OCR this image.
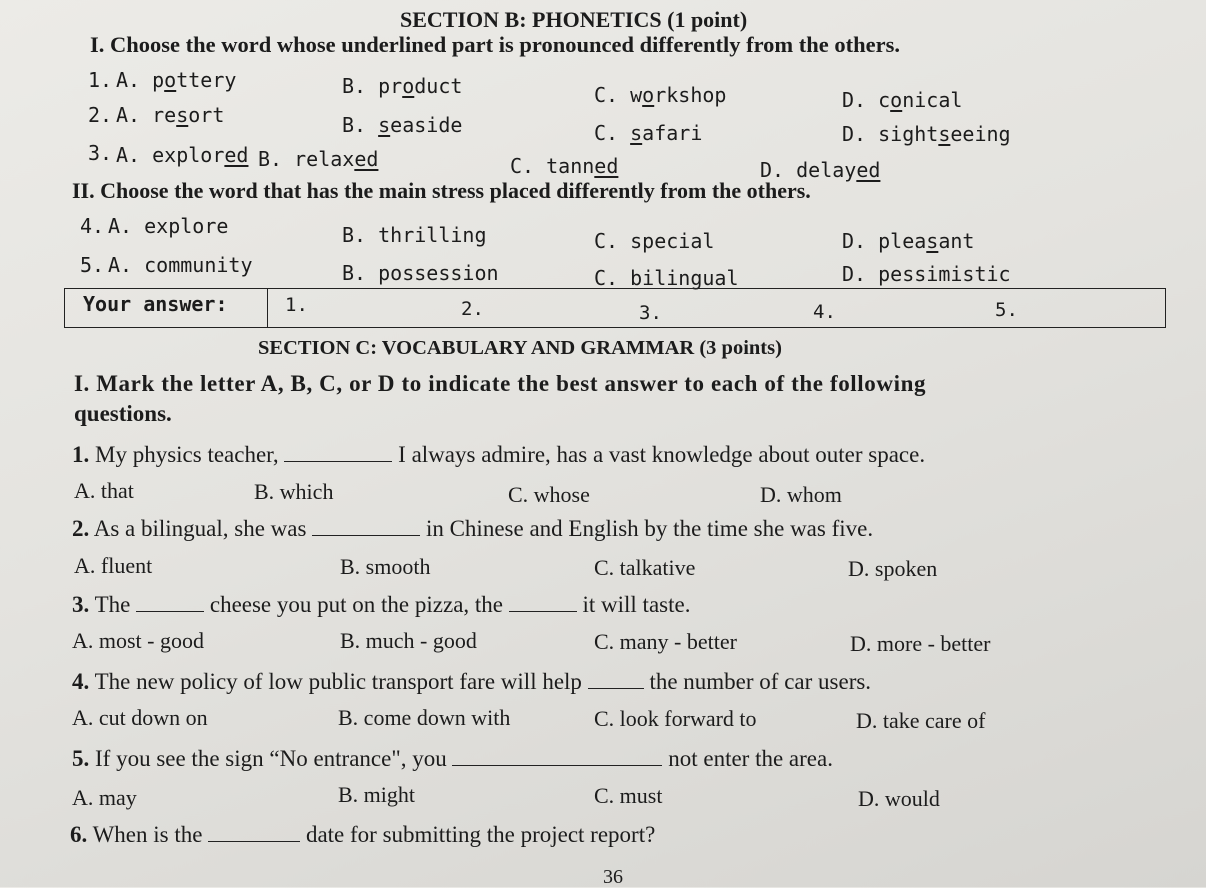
SECTION B: PHONETICS (1 point)
I. Choose the word whose underlined part is pronounced differently from the others.
1. A. pottery	B. product	C. workshop	D. conical
2. A. resort	B. seaside	C. safari	D. sightseeing
3. A. explored B. relaxed	C. tanned	D. delayed
II. Choose the word that has the main stress placed differently from the others.
4. A. explore	B. thrilling	C. special	D. pleasant
5. A. community	B. possession	C. bilingual	D. pessimistic
Your answer:	1.	2.	3.	4.	5.
SECTION C: VOCABULARY AND GRAMMAR (3 points)
I. Mark the letter A, B, C, or D to indicate the best answer to each of the following
questions.
1. My physics teacher,	I always admire, has a vast knowledge about outer space.
A. that	B. which	C. whose	D. whom
2. As a bilingual, she was	in Chinese and English by the time she was five.
A. fluent	B. smooth	C. talkative	D. spoken
3. The	cheese you put on the pizza, the	it will taste.
A. most - good	B. much - good	C. many - better	D. more - better
4. The new policy of low public transport fare will help  the number of car users.
A. cut down on	B. come down with	C. look forward to	D. take care of
5. If you see the sign “No entrance", you	not enter the area.
A. may	B. might	C. must	D. would
6. When is the	date for submitting the project report?
36
